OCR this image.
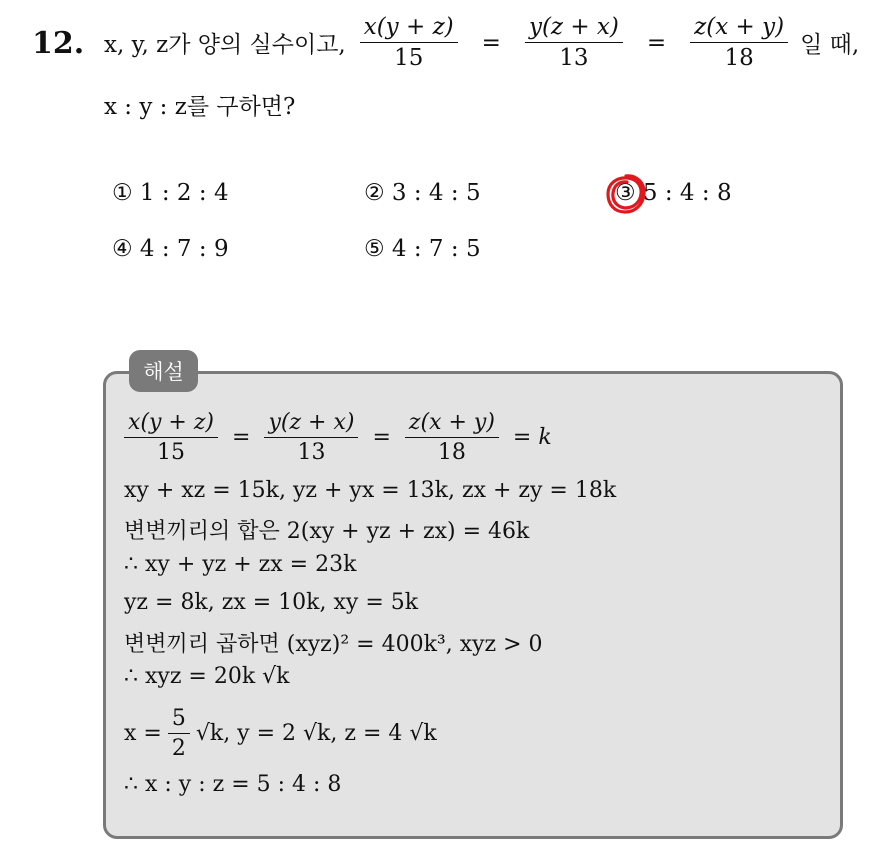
12. x, y, z가 양의 실수이고, $\frac{x(y + z)}{15} = \frac{y(z + x)}{13} = \frac{z(x + y)}{18}$ 일 때,
x : y : z를 구하면?
① 1 : 2 : 4	② 3 : 4 : 5	③ 5 : 4 : 8
④ 4 : 7 : 9	⑤ 4 : 7 : 5
해설
$\frac{x(y + z)}{15} = \frac{y(z + x)}{13} = \frac{z(x + y)}{18} = k$
xy + xz = 15k, yz + yx = 13k, zx + zy = 18k
변변끼리의 합은 2(xy + yz + zx) = 46k
∴ xy + yz + zx = 23k
yz = 8k, zx = 10k, xy = 5k
변변끼리 곱하면 (xyz)² = 400k³, xyz > 0
∴ xyz = 20k √k
$x = \frac{5}{2} √k$, y = 2 √k, z = 4 √k
∴ x : y : z = 5 : 4 : 8
